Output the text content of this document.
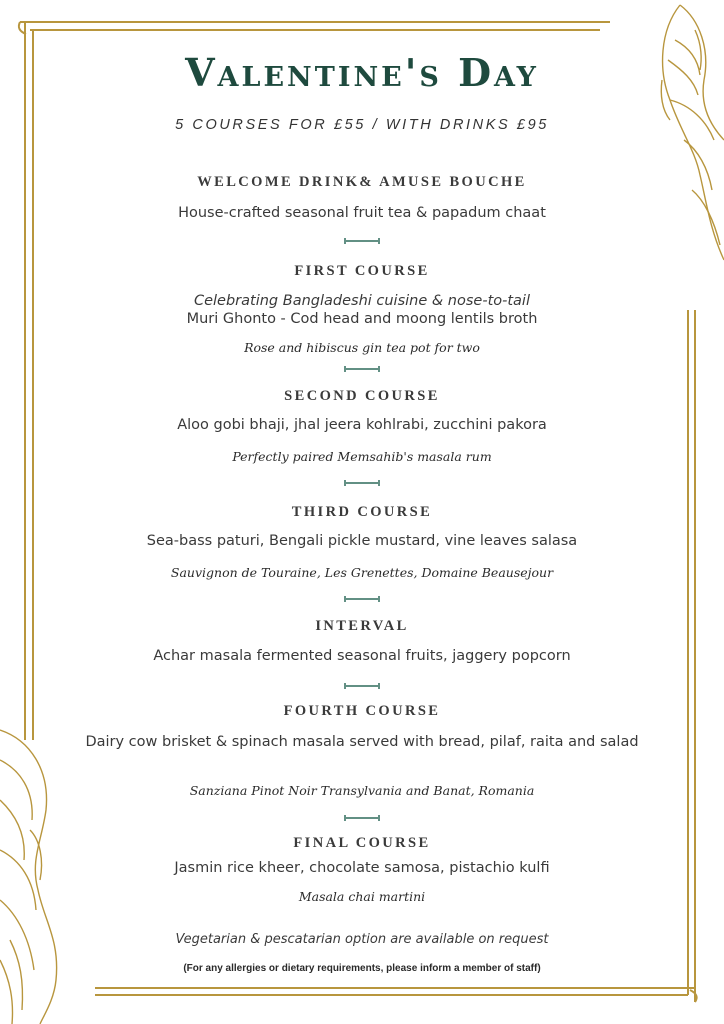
Valentine's Day
5 COURSES FOR £55 / WITH DRINKS £95
WELCOME DRINK& AMUSE BOUCHE
House-crafted seasonal fruit tea & papadum chaat
FIRST COURSE
Celebrating Bangladeshi cuisine & nose-to-tail
Muri Ghonto - Cod head and moong lentils broth
Rose and hibiscus gin tea pot for two
SECOND COURSE
Aloo gobi bhaji, jhal jeera kohlrabi, zucchini pakora
Perfectly paired Memsahib's masala rum
THIRD COURSE
Sea-bass paturi, Bengali pickle mustard, vine leaves salasa
Sauvignon de Touraine, Les Grenettes, Domaine Beausejour
INTERVAL
Achar masala fermented seasonal fruits, jaggery popcorn
FOURTH COURSE
Dairy cow brisket & spinach masala served with bread, pilaf, raita and salad
Sanziana Pinot Noir Transylvania and Banat, Romania
FINAL COURSE
Jasmin rice kheer, chocolate samosa, pistachio kulfi
Masala chai martini
Vegetarian & pescatarian option are available on request
(For any allergies or dietary requirements, please inform a member of staff)
